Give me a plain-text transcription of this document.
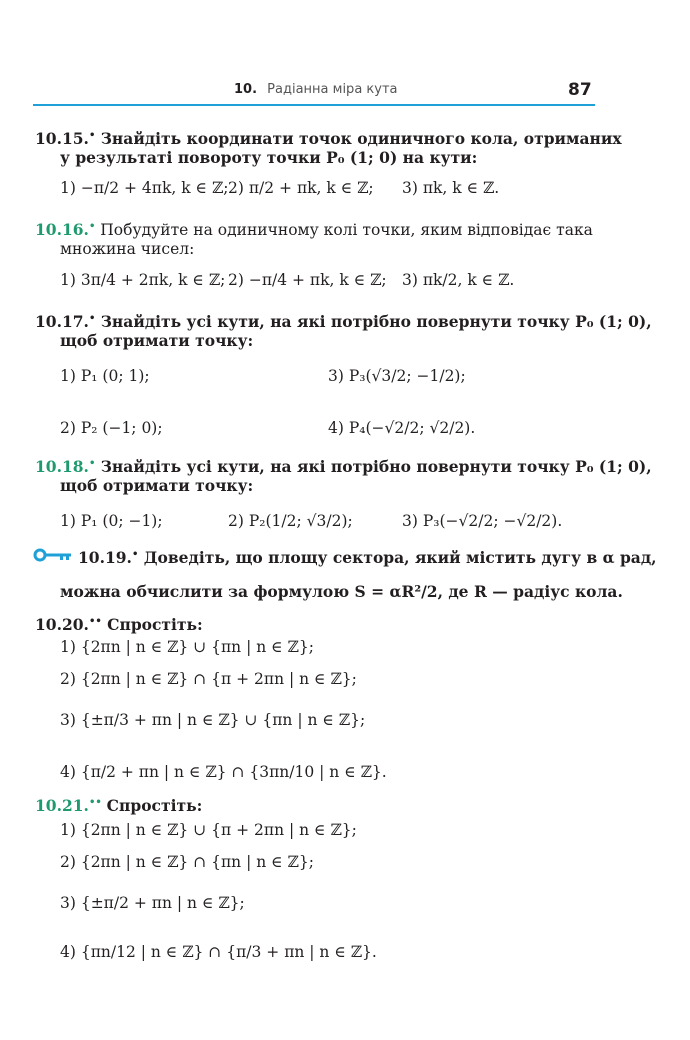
10. Радіанна міра кута	87
10.15.• Знайдіть координати точок одиничного кола, отриманих
у результаті повороту точки P₀ (1; 0) на кути:
1) −π/2 + 4πk, k ∈ ℤ; 2) π/2 + πk, k ∈ ℤ; 3) πk, k ∈ ℤ.
10.16.• Побудуйте на одиничному колі точки, яким відповідає така
множина чисел:
1) 3π/4 + 2πk, k ∈ ℤ; 2) −π/4 + πk, k ∈ ℤ; 3) πk/2, k ∈ ℤ.
10.17.• Знайдіть усі кути, на які потрібно повернути точку P₀ (1; 0),
щоб отримати точку:
1) P₁ (0; 1);	3) P₃(√3/2; −1/2);
2) P₂ (−1; 0);	4) P₄(−√2/2; √2/2).
10.18.• Знайдіть усі кути, на які потрібно повернути точку P₀ (1; 0),
щоб отримати точку:
1) P₁ (0; −1);	2) P₂(1/2; √3/2);	3) P₃(−√2/2; −√2/2).
10.19.• Доведіть, що площу сектора, який містить дугу в α рад,
можна обчислити за формулою S = αR²/2, де R — радіус кола.
10.20.•• Спростіть:
1) {2πn | n ∈ ℤ} ∪ {πn | n ∈ ℤ};
2) {2πn | n ∈ ℤ} ∩ {π + 2πn | n ∈ ℤ};
3) {±π/3 + πn | n ∈ ℤ} ∪ {πn | n ∈ ℤ};
4) {π/2 + πn | n ∈ ℤ} ∩ {3πn/10 | n ∈ ℤ}.
10.21.•• Спростіть:
1) {2πn | n ∈ ℤ} ∪ {π + 2πn | n ∈ ℤ};
2) {2πn | n ∈ ℤ} ∩ {πn | n ∈ ℤ};
3) {±π/2 + πn | n ∈ ℤ};
4) {πn/12 | n ∈ ℤ} ∩ {π/3 + πn | n ∈ ℤ}.
